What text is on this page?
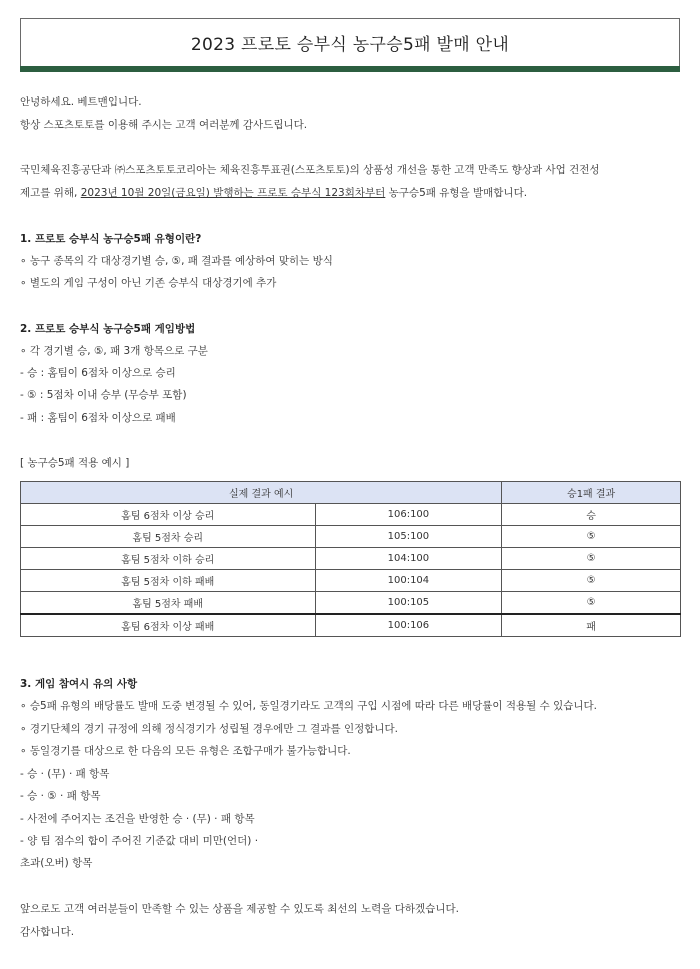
2023 프로토 승부식 농구승5패 발매 안내
안녕하세요. 베트맨입니다.
항상 스포츠토토를 이용해 주시는 고객 여러분께 감사드립니다.
국민체육진흥공단과 ㈜스포츠토토코리아는 체육진흥투표권(스포츠토토)의 상품성 개선을 통한 고객 만족도 향상과 사업 건전성
제고를 위해, 2023년 10월 20일(금요일) 발행하는 프로토 승부식 123회차부터 농구승5패 유형을 발매합니다.
1. 프로토 승부식 농구승5패 유형이란?
∘ 농구 종목의 각 대상경기별 승, ⑤, 패 결과를 예상하여 맞히는 방식
∘ 별도의 게임 구성이 아닌 기존 승부식 대상경기에 추가
2. 프로토 승부식 농구승5패 게임방법
∘ 각 경기별 승, ⑤, 패 3개 항목으로 구분
- 승 : 홈팀이 6점차 이상으로 승리
- ⑤ : 5점차 이내 승부 (무승부 포함)
- 패 : 홈팀이 6점차 이상으로 패배
[ 농구승5패 적용 예시 ]
실제 결과 예시		승1패 결과
홈팀 6점차 이상 승리	106:100	승
홈팀 5점차 승리	105:100	⑤
홈팀 5점차 이하 승리	104:100	⑤
홈팀 5점차 이하 패배	100:104	⑤
홈팀 5점차 패배	100:105	⑤
홈팀 6점차 이상 패배	100:106	패
3. 게임 참여시 유의 사항
∘ 승5패 유형의 배당률도 발매 도중 변경될 수 있어, 동일경기라도 고객의 구입 시점에 따라 다른 배당률이 적용될 수 있습니다.
∘ 경기단체의 경기 규정에 의해 정식경기가 성립될 경우에만 그 결과를 인정합니다.
∘ 동일경기를 대상으로 한 다음의 모든 유형은 조합구매가 불가능합니다.
- 승 · (무) · 패 항목
- 승 · ⑤ · 패 항목
- 사전에 주어지는 조건을 반영한 승 · (무) · 패 항목
- 양 팀 점수의 합이 주어진 기준값 대비 미만(언더) ·
초과(오버) 항목
앞으로도 고객 여러분들이 만족할 수 있는 상품을 제공할 수 있도록 최선의 노력을 다하겠습니다.
감사합니다.
